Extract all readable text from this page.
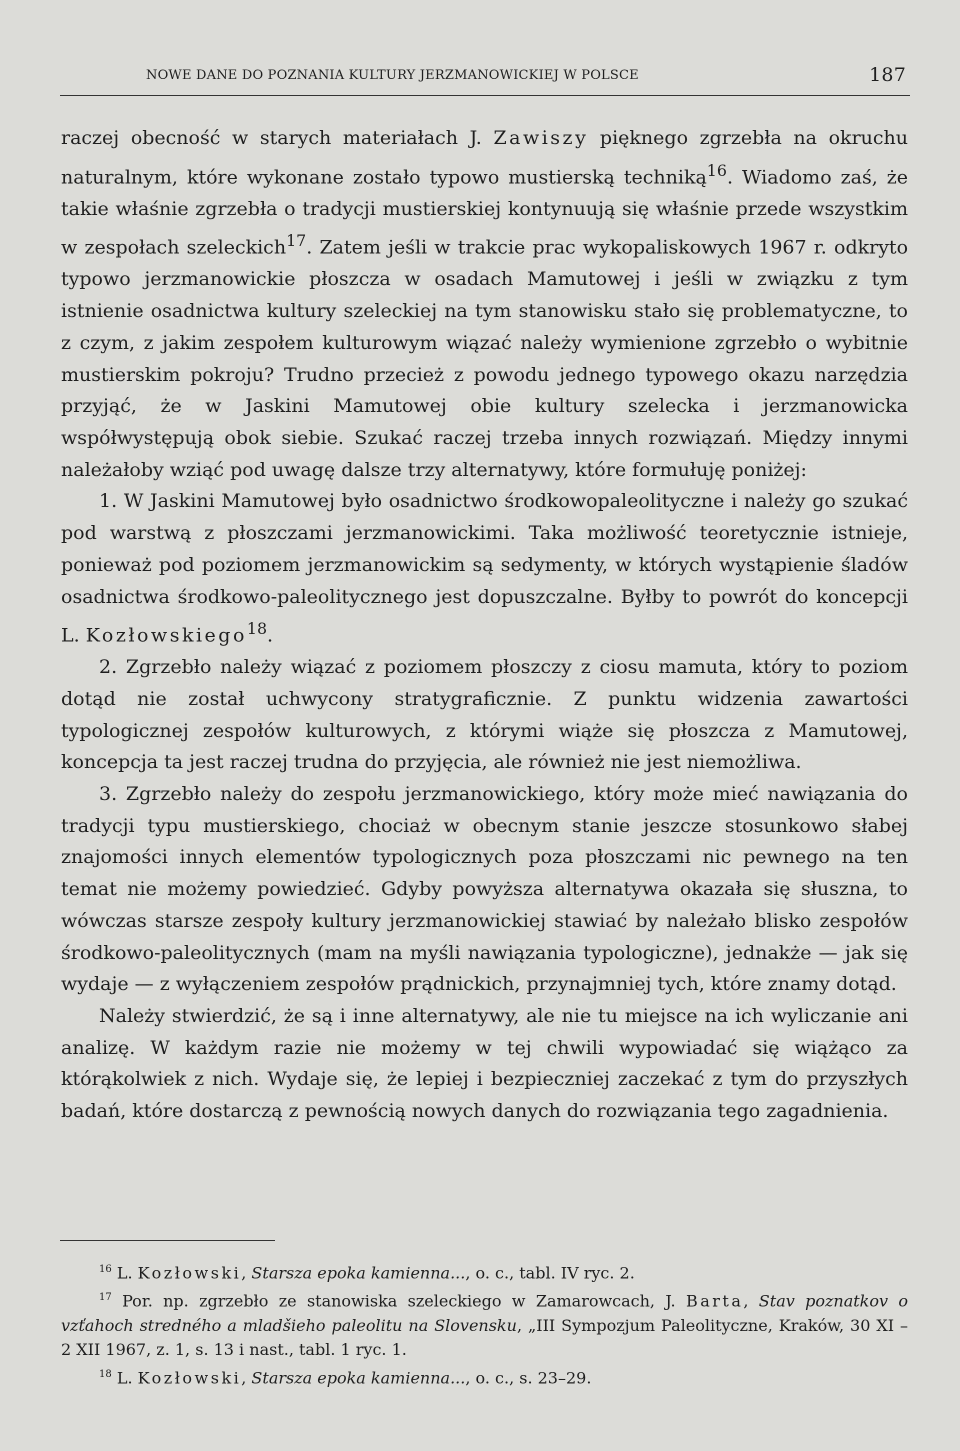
NOWE DANE DO POZNANIA KULTURY JERZMANOWICKIEJ W POLSCE	187

raczej obecność w starych materiałach J. Zawiszy pięknego zgrzebła na okruchu naturalnym, które wykonane zostało typowo mustierską techniką$^{16}$. Wiadomo zaś, że takie właśnie zgrzebła o tradycji mustierskiej kontynuują się właśnie przede wszystkim w zespołach szeleckich$^{17}$. Zatem jeśli w trakcie prac wykopaliskowych 1967 r. odkryto typowo jerzmanowickie płoszcza w osadach Mamutowej i jeśli w związku z tym istnienie osadnictwa kultury szeleckiej na tym stanowisku stało się problematyczne, to z czym, z jakim zespołem kulturowym wiązać należy wymienione zgrzebło o wybitnie mustierskim pokroju? Trudno przecież z powodu jednego typowego okazu narzędzia przyjąć, że w Jaskini Mamutowej obie kultury szelecka i jerzmanowicka współwystępują obok siebie. Szukać raczej trzeba innych rozwiązań. Między innymi należałoby wziąć pod uwagę dalsze trzy alternatywy, które formułuję poniżej:

1. W Jaskini Mamutowej było osadnictwo środkowopaleolityczne i należy go szukać pod warstwą z płoszczami jerzmanowickimi. Taka możliwość teoretycznie istnieje, ponieważ pod poziomem jerzmanowickim są sedymenty, w których wystąpienie śladów osadnictwa środkowo-paleolitycznego jest dopuszczalne. Byłby to powrót do koncepcji L. Kozłowskiego$^{18}$.

2. Zgrzebło należy wiązać z poziomem płoszczy z ciosu mamuta, który to poziom dotąd nie został uchwycony stratygraficznie. Z punktu widzenia zawartości typologicznej zespołów kulturowych, z którymi wiąże się płoszcza z Mamutowej, koncepcja ta jest raczej trudna do przyjęcia, ale również nie jest niemożliwa.

3. Zgrzebło należy do zespołu jerzmanowickiego, który może mieć nawiązania do tradycji typu mustierskiego, chociaż w obecnym stanie jeszcze stosunkowo słabej znajomości innych elementów typologicznych poza płoszczami nic pewnego na ten temat nie możemy powiedzieć. Gdyby powyższa alternatywa okazała się słuszna, to wówczas starsze zespoły kultury jerzmanowickiej stawiać by należało blisko zespołów środkowo-paleolitycznych (mam na myśli nawiązania typologiczne), jednakże — jak się wydaje — z wyłączeniem zespołów prądnickich, przynajmniej tych, które znamy dotąd.

Należy stwierdzić, że są i inne alternatywy, ale nie tu miejsce na ich wyliczanie ani analizę. W każdym razie nie możemy w tej chwili wypowiadać się wiążąco za którąkolwiek z nich. Wydaje się, że lepiej i bezpieczniej zaczekać z tym do przyszłych badań, które dostarczą z pewnością nowych danych do rozwiązania tego zagadnienia.

$^{16}$ L. Kozłowski, Starsza epoka kamienna..., o. c., tabl. IV ryc. 2.

$^{17}$ Por. np. zgrzebło ze stanowiska szeleckiego w Zamarowcach, J. Barta, Stav poznatkov o vzťahoch stredného a mladšieho paleolitu na Slovensku, „III Sympozjum Paleolityczne, Kraków, 30 XI – 2 XII 1967, z. 1, s. 13 i nast., tabl. 1 ryc. 1.

$^{18}$ L. Kozłowski, Starsza epoka kamienna..., o. c., s. 23–29.
